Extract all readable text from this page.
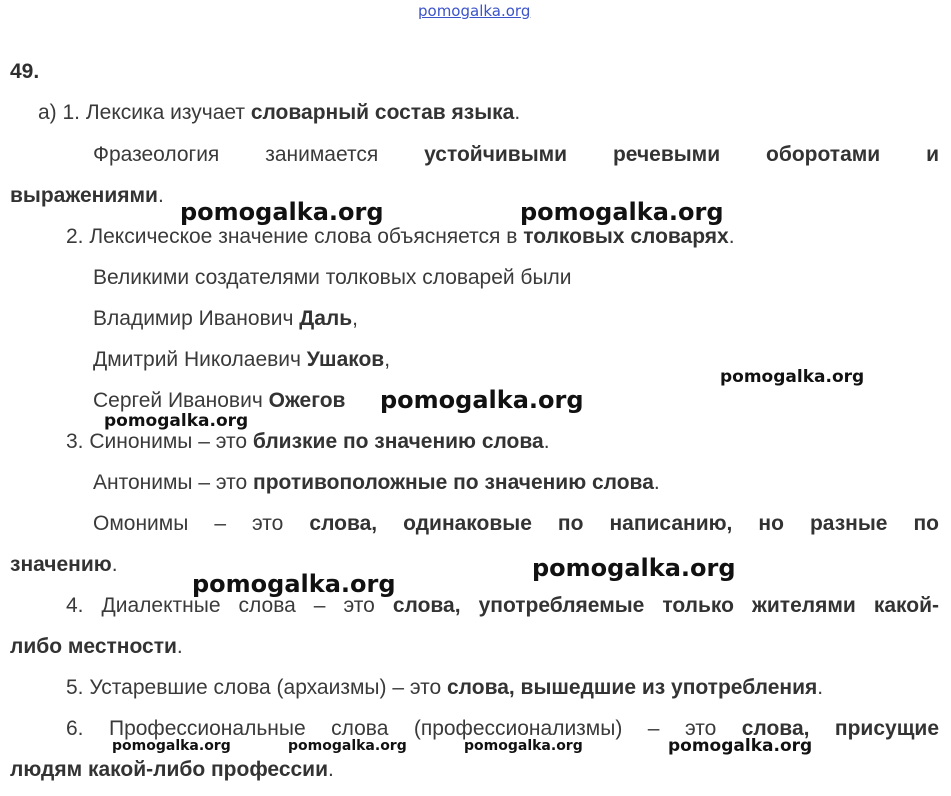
pomogalka.org
49.
а) 1. Лексика изучает словарный состав языка.
Фразеология занимается устойчивыми речевыми оборотами и
выражениями.
2. Лексическое значение слова объясняется в толковых словарях.
Великими создателями толковых словарей были
Владимир Иванович Даль,
Дмитрий Николаевич Ушаков,
Сергей Иванович Ожегов
3. Синонимы – это близкие по значению слова.
Антонимы – это противоположные по значению слова.
Омонимы – это слова, одинаковые по написанию, но разные по
значению.
4. Диалектные слова – это слова, употребляемые только жителями какой-
либо местности.
5. Устаревшие слова (архаизмы) – это слова, вышедшие из употребления.
6. Профессиональные слова (профессионализмы) – это слова, присущие
людям какой-либо профессии.
pomogalka.org	pomogalka.org
pomogalka.org
pomogalka.org
pomogalka.org
pomogalka.org
pomogalka.org
pomogalka.org	pomogalka.org	pomogalka.org	pomogalka.org
